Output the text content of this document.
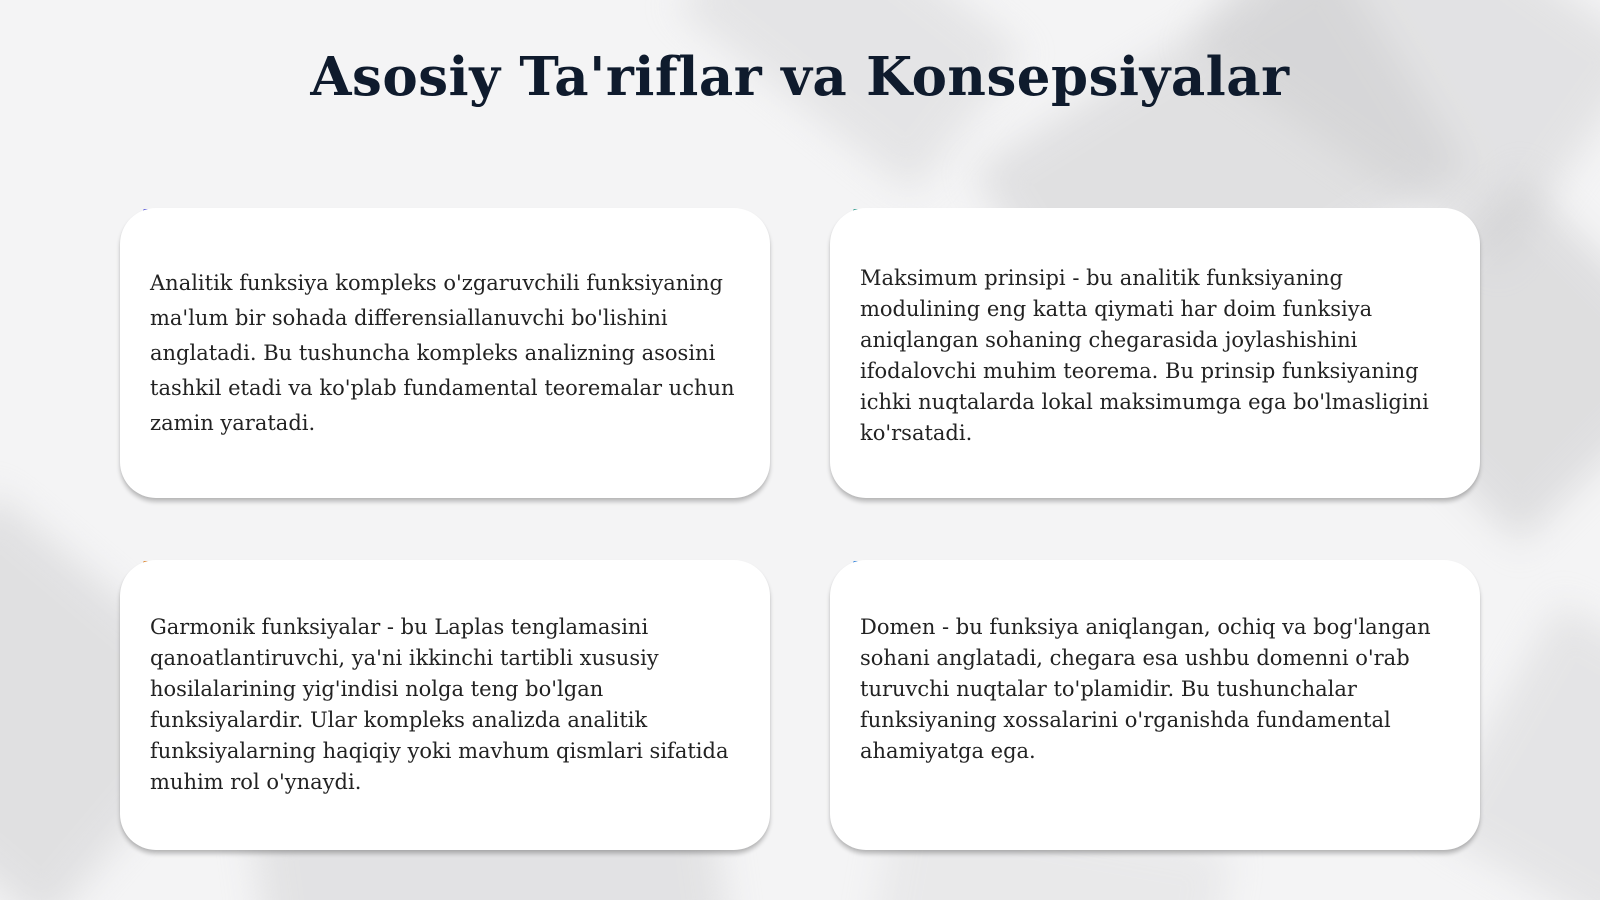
Asosiy Ta'riflar va Konsepsiyalar

Analitik funksiya kompleks o'zgaruvchili funksiyaning ma'lum bir sohada differensiallanuvchi bo'lishini anglatadi. Bu tushuncha kompleks analizning asosini tashkil etadi va ko'plab fundamental teoremalar uchun zamin yaratadi.

Maksimum prinsipi - bu analitik funksiyaning modulining eng katta qiymati har doim funksiya aniqlangan sohaning chegarasida joylashishini ifodalovchi muhim teorema. Bu prinsip funksiyaning ichki nuqtalarda lokal maksimumga ega bo'lmasligini ko'rsatadi.

Garmonik funksiyalar - bu Laplas tenglamasini qanoatlantiruvchi, ya'ni ikkinchi tartibli xususiy hosilalarining yig'indisi nolga teng bo'lgan funksiyalardir. Ular kompleks analizda analitik funksiyalarning haqiqiy yoki mavhum qismlari sifatida muhim rol o'ynaydi.

Domen - bu funksiya aniqlangan, ochiq va bog'langan sohani anglatadi, chegara esa ushbu domenni o'rab turuvchi nuqtalar to'plamidir. Bu tushunchalar funksiyaning xossalarini o'rganishda fundamental ahamiyatga ega.
